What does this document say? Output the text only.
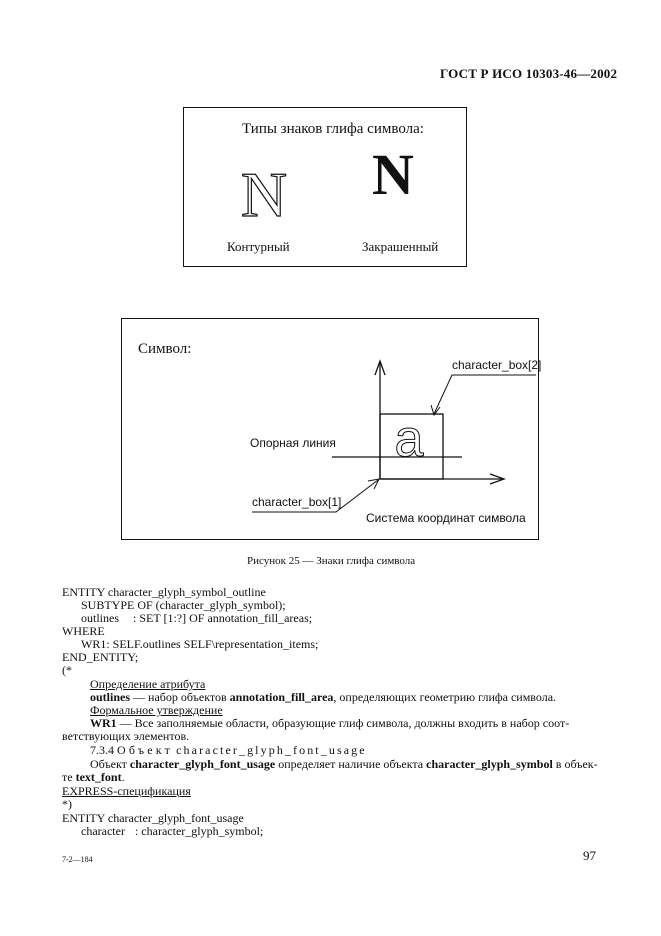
ГОСТ Р ИСО 10303-46—2002
Типы знаков глифа символа:
N N
Контурный	Закрашенный
a
Символ:
Опорная линия
character_box[1]
character_box[2]
Система координат символа
Рисунок 25 — Знаки глифа символа
ENTITY character_glyph_symbol_outline
SUBTYPE OF (character_glyph_symbol);
outlines : SET [1:?] OF annotation_fill_areas;
WHERE
WR1: SELF.outlines SELF\representation_items;
END_ENTITY;
(*
Определение атрибута
outlines — набор объектов annotation_fill_area, определяющих геометрию глифа символа.
Формальное утверждение
WR1 — Все заполняемые области, образующие глиф символа, должны входить в набор соот-
ветствующих элементов.
7.3.4 Объект character_glyph_font_usage
Объект character_glyph_font_usage определяет наличие объекта character_glyph_symbol в объек-
те text_font.
EXPRESS-спецификация
*)
ENTITY character_glyph_font_usage
character : character_glyph_symbol;
7-2—184	97
